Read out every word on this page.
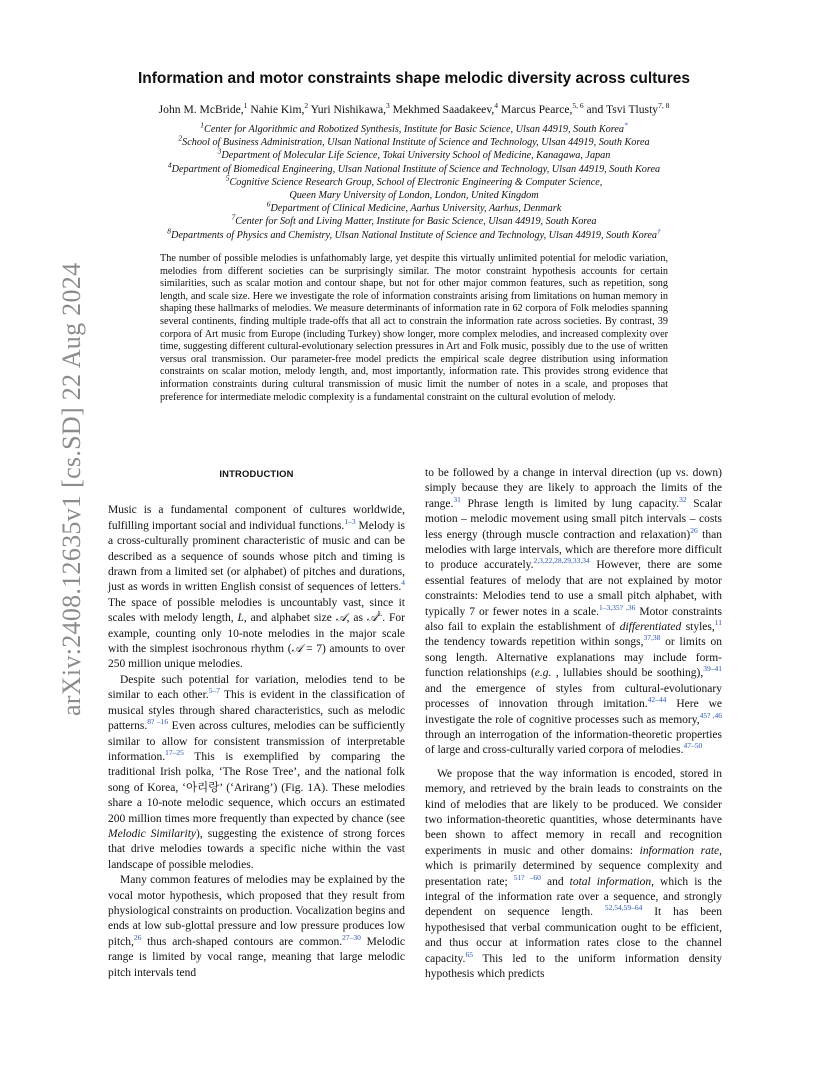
arXiv:2408.12635v1 [cs.SD] 22 Aug 2024
Information and motor constraints shape melodic diversity across cultures
John M. McBride,$^1$ Nahie Kim,$^2$ Yuri Nishikawa,$^3$ Mekhmed Saadakeev,$^4$ Marcus Pearce,$^{5, 6}$ and Tsvi Tlusty$^{7, 8}$
$^1$Center for Algorithmic and Robotized Synthesis, Institute for Basic Science, Ulsan 44919, South Korea*
$^2$School of Business Administration, Ulsan National Institute of Science and Technology, Ulsan 44919, South Korea
$^3$Department of Molecular Life Science, Tokai University School of Medicine, Kanagawa, Japan
$^4$Department of Biomedical Engineering, Ulsan National Institute of Science and Technology, Ulsan 44919, South Korea
$^5$Cognitive Science Research Group, School of Electronic Engineering & Computer Science,
Queen Mary University of London, London, United Kingdom
$^6$Department of Clinical Medicine, Aarhus University, Aarhus, Denmark
$^7$Center for Soft and Living Matter, Institute for Basic Science, Ulsan 44919, South Korea
$^8$Departments of Physics and Chemistry, Ulsan National Institute of Science and Technology, Ulsan 44919, South Korea†

The number of possible melodies is unfathomably large, yet despite this virtually unlimited potential for melodic variation, melodies from different societies can be surprisingly similar. The motor constraint hypothesis accounts for certain similarities, such as scalar motion and contour shape, but not for other major common features, such as repetition, song length, and scale size. Here we investigate the role of information constraints arising from limitations on human memory in shaping these hallmarks of melodies. We measure determinants of information rate in 62 corpora of Folk melodies spanning several continents, finding multiple trade-offs that all act to constrain the information rate across societies. By contrast, 39 corpora of Art music from Europe (including Turkey) show longer, more complex melodies, and increased complexity over time, suggesting different cultural-evolutionary selection pressures in Art and Folk music, possibly due to the use of written versus oral transmission. Our parameter-free model predicts the empirical scale degree distribution using information constraints on scalar motion, melody length, and, most importantly, information rate. This provides strong evidence that information constraints during cultural transmission of music limit the number of notes in a scale, and proposes that preference for intermediate melodic complexity is a fundamental constraint on the cultural evolution of melody.

INTRODUCTION

Music is a fundamental component of cultures worldwide, fulfilling important social and individual functions.$^{1-3}$ Melody is a cross-culturally prominent characteristic of music and can be described as a sequence of sounds whose pitch and timing is drawn from a limited set (or alphabet) of pitches and durations, just as words in written English consist of sequences of letters.$^4$ The space of possible melodies is uncountably vast, since it scales with melody length, L, and alphabet size 𝒜, as 𝒜$^L$. For example, counting only 10-note melodies in the major scale with the simplest isochronous rhythm (𝒜 = 7) amounts to over 250 million unique melodies.

Despite such potential for variation, melodies tend to be similar to each other.$^{5-7}$ This is evident in the classification of musical styles through shared characteristics, such as melodic patterns.$^{8? -16}$ Even across cultures, melodies can be sufficiently similar to allow for consistent transmission of interpretable information.$^{17-25}$ This is exemplified by comparing the traditional Irish polka, ‘The Rose Tree’, and the national folk song of Korea, ‘아리랑’ (‘Arirang’) (Fig. 1A). These melodies share a 10-note melodic sequence, which occurs an estimated 200 million times more frequently than expected by chance (see Melodic Similarity), suggesting the existence of strong forces that drive melodies towards a specific niche within the vast landscape of possible melodies.

Many common features of melodies may be explained by the vocal motor hypothesis, which proposed that they result from physiological constraints on production. Vocalization begins and ends at low sub-glottal pressure and low pressure produces low pitch,$^{26}$ thus arch-shaped contours are common.$^{27-30}$ Melodic range is limited by vocal range, meaning that large melodic pitch intervals tend

to be followed by a change in interval direction (up vs. down) simply because they are likely to approach the limits of the range.$^{31}$ Phrase length is limited by lung capacity.$^{32}$ Scalar motion – melodic movement using small pitch intervals – costs less energy (through muscle contraction and relaxation)$^{26}$ than melodies with large intervals, which are therefore more difficult to produce accurately.$^{2,3,22,28,29,33,34}$ However, there are some essential features of melody that are not explained by motor constraints: Melodies tend to use a small pitch alphabet, with typically 7 or fewer notes in a scale.$^{1-3,35? ,36}$ Motor constraints also fail to explain the establishment of differentiated styles,$^{11}$ the tendency towards repetition within songs,$^{37,38}$ or limits on song length. Alternative explanations may include form-function relationships (e.g. , lullabies should be soothing),$^{39-41}$ and the emergence of styles from cultural-evolutionary processes of innovation through imitation.$^{42-44}$ Here we investigate the role of cognitive processes such as memory,$^{45? ,46}$ through an interrogation of the information-theoretic properties of large and cross-culturally varied corpora of melodies.$^{47-50}$

We propose that the way information is encoded, stored in memory, and retrieved by the brain leads to constraints on the kind of melodies that are likely to be produced. We consider two information-theoretic quantities, whose determinants have been shown to affect memory in recall and recognition experiments in music and other domains: information rate, which is primarily determined by sequence complexity and presentation rate; $^{51? -60}$ and total information, which is the integral of the information rate over a sequence, and strongly dependent on sequence length. $^{52,54,59-64}$ It has been hypothesised that verbal communication ought to be efficient, and thus occur at information rates close to the channel capacity.$^{65}$ This led to the uniform information density hypothesis which predicts
